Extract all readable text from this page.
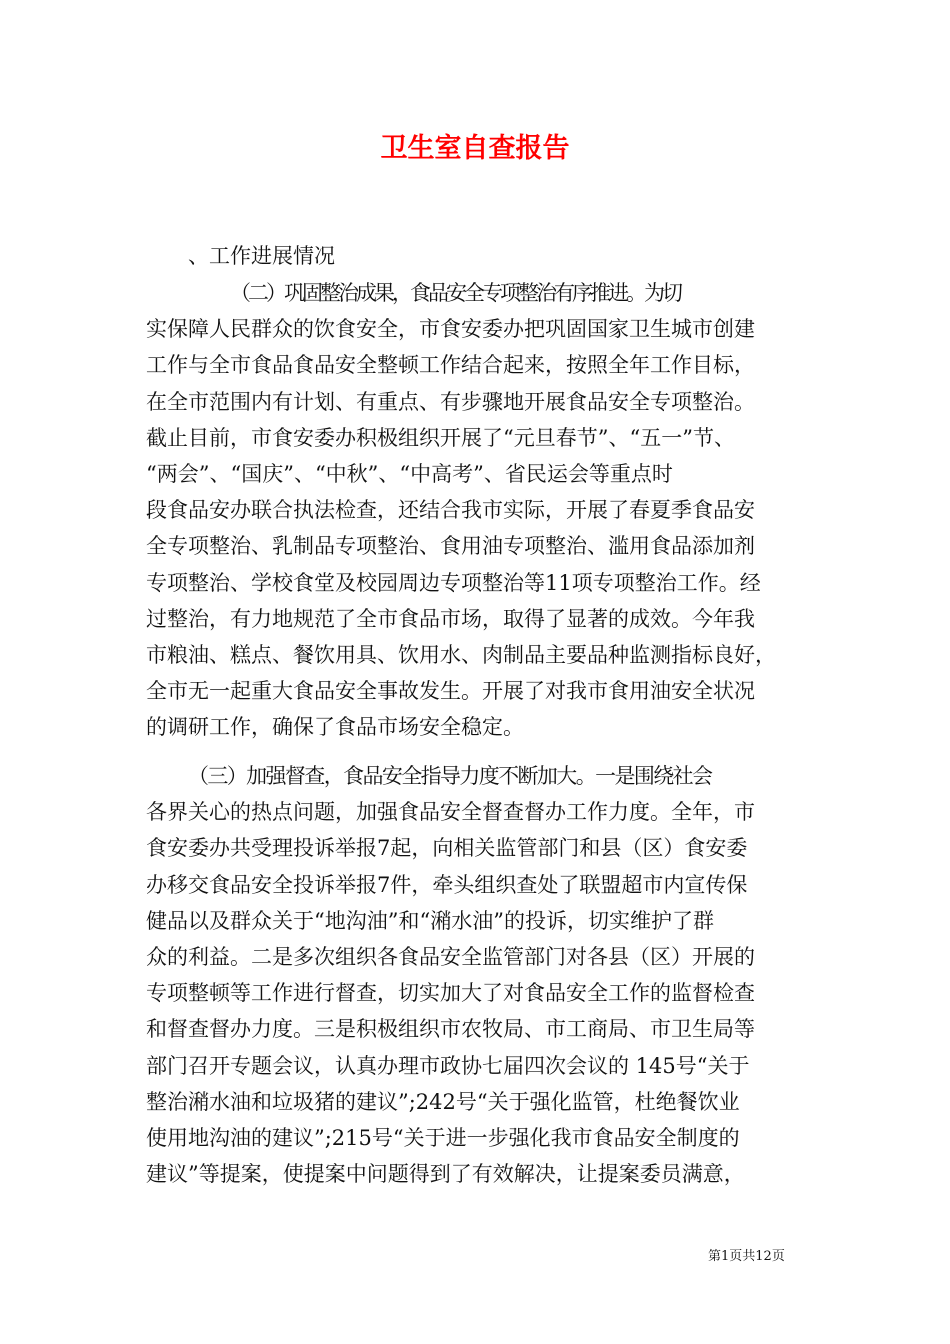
卫生室自查报告
、工作进展情况
（二）巩固整治成果，食品安全专项整治有序推进。为切
实保障人民群众的饮食安全，市食安委办把巩固国家卫生城市创建
工作与全市食品食品安全整顿工作结合起来，按照全年工作目标，
在全市范围内有计划、有重点、有步骤地开展食品安全专项整治。
截止目前，市食安委办积极组织开展了“元旦春节”、“五一”节、
“两会”、“国庆”、“中秋”、“中高考”、省民运会等重点时
段食品安办联合执法检查，还结合我市实际，开展了春夏季食品安
全专项整治、乳制品专项整治、食用油专项整治、滥用食品添加剂
专项整治、学校食堂及校园周边专项整治等11项专项整治工作。经
过整治，有力地规范了全市食品市场，取得了显著的成效。今年我
市粮油、糕点、餐饮用具、饮用水、肉制品主要品种监测指标良好，
全市无一起重大食品安全事故发生。开展了对我市食用油安全状况
的调研工作，确保了食品市场安全稳定。
（三）加强督查，食品安全指导力度不断加大。一是围绕社会
各界关心的热点问题，加强食品安全督查督办工作力度。全年，市
食安委办共受理投诉举报7起，向相关监管部门和县（区）食安委
办移交食品安全投诉举报7件，牵头组织查处了联盟超市内宣传保
健品以及群众关于“地沟油”和“潲水油”的投诉，切实维护了群
众的利益。二是多次组织各食品安全监管部门对各县（区）开展的
专项整顿等工作进行督查，切实加大了对食品安全工作的监督检查
和督查督办力度。三是积极组织市农牧局、市工商局、市卫生局等
部门召开专题会议，认真办理市政协七届四次会议的 145号“关于
整治潲水油和垃圾猪的建议”;242号“关于强化监管，杜绝餐饮业
使用地沟油的建议”;215号“关于进一步强化我市食品安全制度的
建议”等提案，使提案中问题得到了有效解决，让提案委员满意，
第1页共12页
